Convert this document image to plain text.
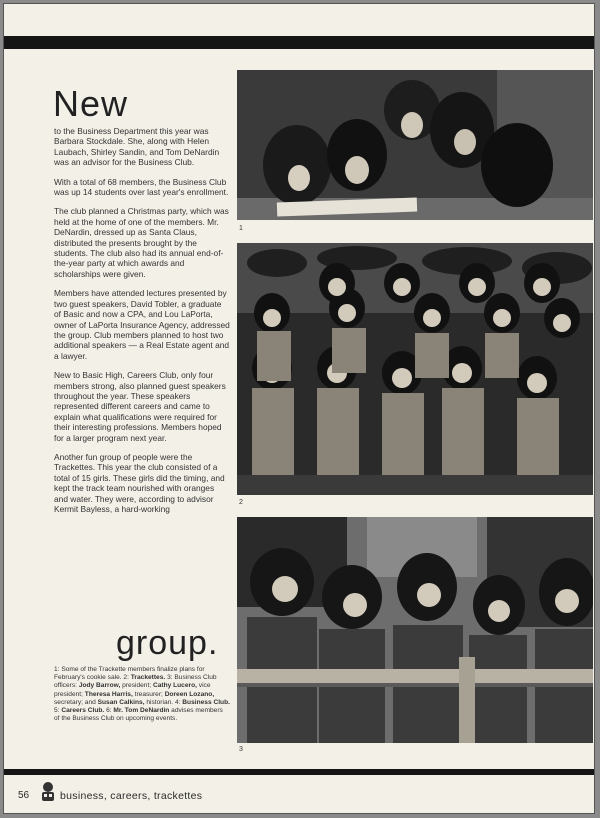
New

to the Business Department this year was Barbara Stockdale. She, along with Helen Laubach, Shirley Sandin, and Tom DeNardin was an advisor for the Business Club.

With a total of 68 members, the Business Club was up 14 students over last year's enrollment.

The club planned a Christmas party, which was held at the home of one of the members. Mr. DeNardin, dressed up as Santa Claus, distributed the presents brought by the students. The club also had its annual end-of-the-year party at which awards and scholarships were given.

Members have attended lectures presented by two guest speakers, David Tobler, a graduate of Basic and now a CPA, and Lou LaPorta, owner of LaPorta Insurance Agency, addressed the group. Club members planned to host two additional speakers — a Real Estate agent and a lawyer.

New to Basic High, Careers Club, only four members strong, also planned guest speakers throughout the year. These speakers represented different careers and came to explain what qualifications were required for their interesting professions. Members hoped for a larger program next year.

Another fun group of people were the Trackettes. This year the club consisted of a total of 15 girls. These girls did the timing, and kept the track team nourished with oranges and water. They were, according to advisor Kermit Bayless, a hard-working

group.
1: Some of the Trackette members finalize plans for February's cookie sale. 2: Trackettes. 3: Business Club officers: Jody Barrow, president; Cathy Lucero, vice president; Theresa Harris, treasurer; Doreen Lozano, secretary; and Susan Calkins, historian. 4: Business Club. 5: Careers Club. 6: Mr. Tom DeNardin advises members of the Business Club on upcoming events.
1
2
3
56	business, careers, trackettes
